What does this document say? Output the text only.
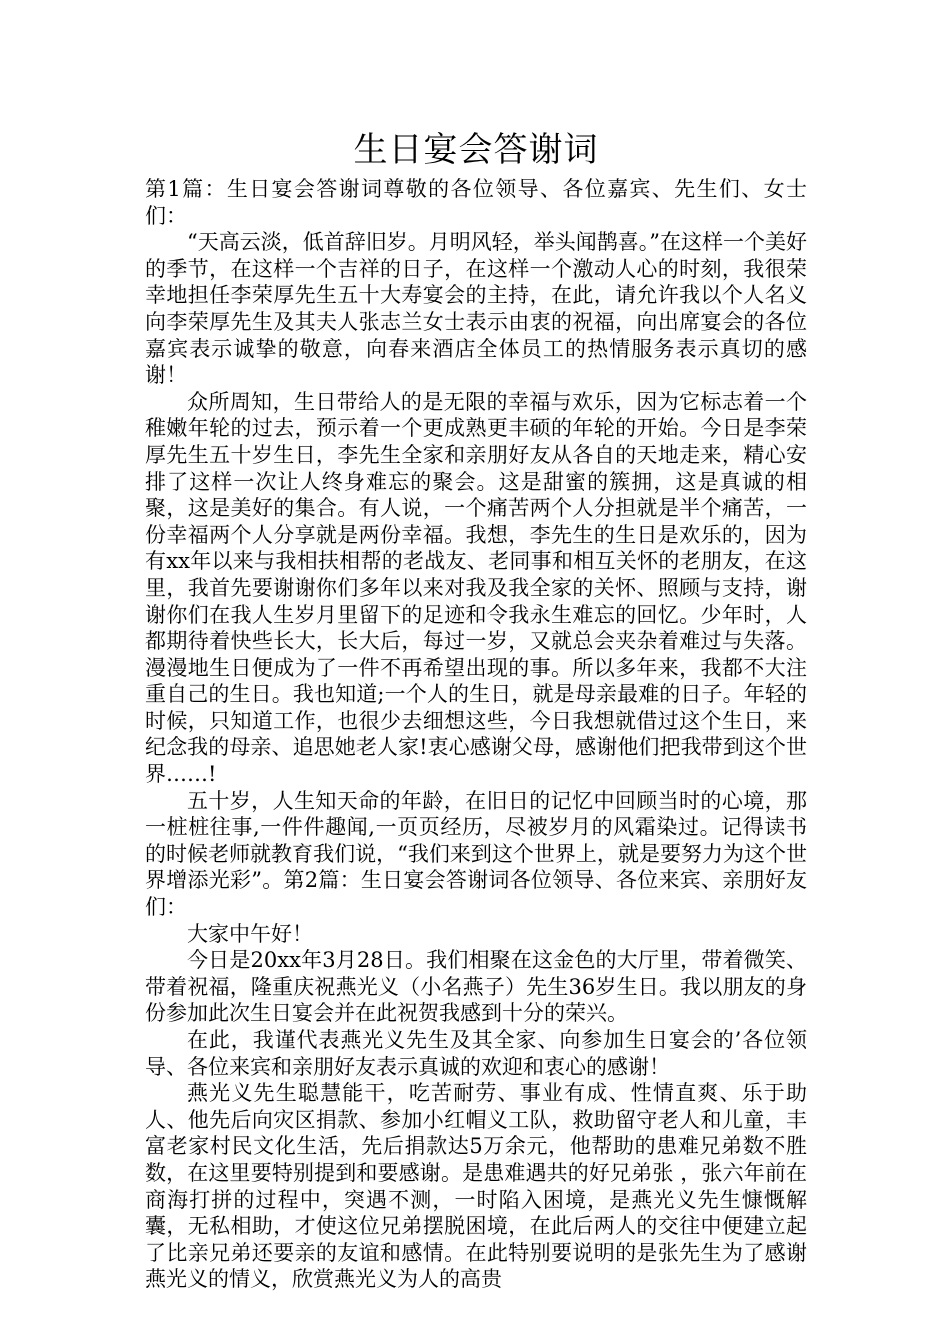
生日宴会答谢词

第1篇：生日宴会答谢词尊敬的各位领导、各位嘉宾、先生们、女士们：

“天高云淡，低首辞旧岁。月明风轻，举头闻鹊喜。”在这样一个美好的季节，在这样一个吉祥的日子，在这样一个激动人心的时刻，我很荣幸地担任李荣厚先生五十大寿宴会的主持，在此，请允许我以个人名义向李荣厚先生及其夫人张志兰女士表示由衷的祝福，向出席宴会的各位嘉宾表示诚挚的敬意，向春来酒店全体员工的热情服务表示真切的感谢！

众所周知，生日带给人的是无限的幸福与欢乐，因为它标志着一个稚嫩年轮的过去，预示着一个更成熟更丰硕的年轮的开始。今日是李荣厚先生五十岁生日，李先生全家和亲朋好友从各自的天地走来，精心安排了这样一次让人终身难忘的聚会。这是甜蜜的簇拥，这是真诚的相聚，这是美好的集合。有人说，一个痛苦两个人分担就是半个痛苦，一份幸福两个人分享就是两份幸福。我想，李先生的生日是欢乐的，因为有xx年以来与我相扶相帮的老战友、老同事和相互关怀的老朋友，在这里，我首先要谢谢你们多年以来对我及我全家的关怀、照顾与支持，谢谢你们在我人生岁月里留下的足迹和令我永生难忘的回忆。少年时，人都期待着快些长大，长大后，每过一岁，又就总会夹杂着难过与失落。漫漫地生日便成为了一件不再希望出现的事。所以多年来，我都不大注重自己的生日。我也知道;一个人的生日，就是母亲最难的日子。年轻的时候，只知道工作，也很少去细想这些，今日我想就借过这个生日，来纪念我的母亲、追思她老人家!衷心感谢父母，感谢他们把我带到这个世界……!

五十岁，人生知天命的年龄，在旧日的记忆中回顾当时的心境，那一桩桩往事,一件件趣闻,一页页经历，尽被岁月的风霜染过。记得读书的时候老师就教育我们说，“我们来到这个世界上，就是要努力为这个世界增添光彩”。第2篇：生日宴会答谢词各位领导、各位来宾、亲朋好友们：

大家中午好！

今日是20xx年3月28日。我们相聚在这金色的大厅里，带着微笑、带着祝福，隆重庆祝燕光义（小名燕子）先生36岁生日。我以朋友的身份参加此次生日宴会并在此祝贺我感到十分的荣兴。

在此，我谨代表燕光义先生及其全家、向参加生日宴会的’各位领导、各位来宾和亲朋好友表示真诚的欢迎和衷心的感谢！

燕光义先生聪慧能干，吃苦耐劳、事业有成、性情直爽、乐于助人、他先后向灾区捐款、参加小红帽义工队，救助留守老人和儿童，丰富老家村民文化生活，先后捐款达5万余元，他帮助的患难兄弟数不胜数，在这里要特别提到和要感谢。是患难遇共的好兄弟张 ，张六年前在商海打拼的过程中，突遇不测，一时陷入困境，是燕光义先生慷慨解囊，无私相助，才使这位兄弟摆脱困境，在此后两人的交往中便建立起了比亲兄弟还要亲的友谊和感情。在此特别要说明的是张先生为了感谢燕光义的情义，欣赏燕光义为人的高贵
